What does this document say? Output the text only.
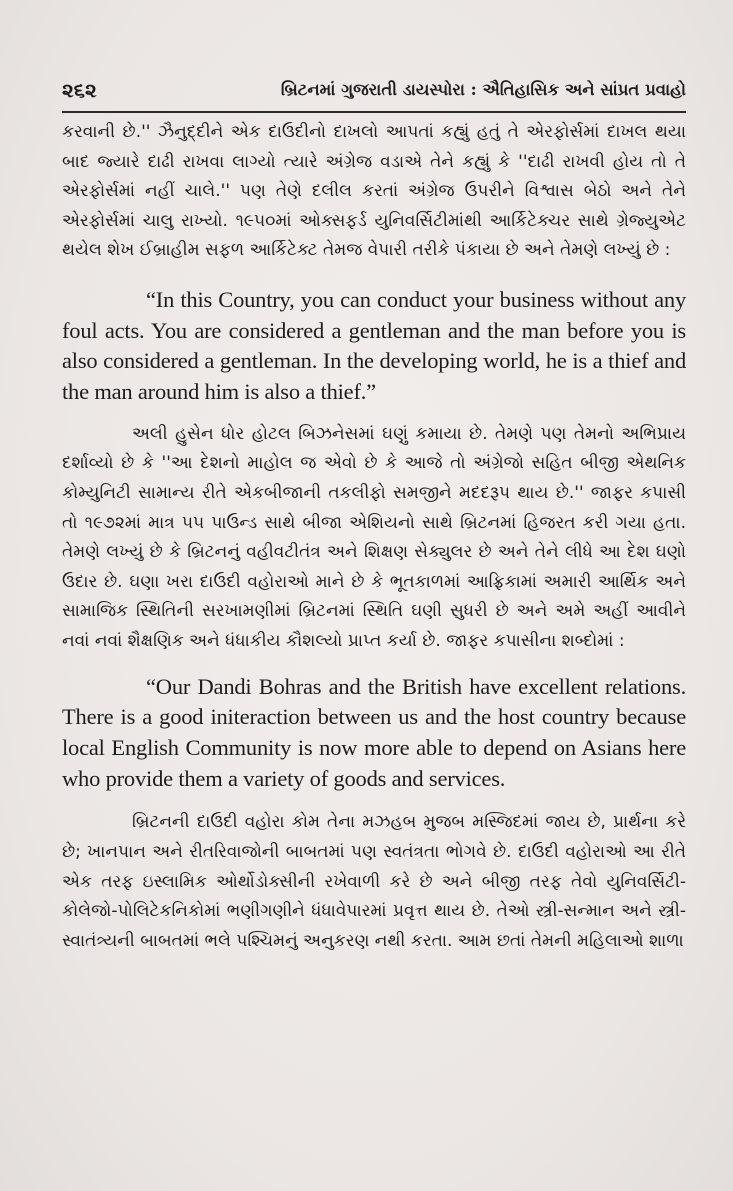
૨૬૨	બ્રિટનમાં ગુજરાતી ડાયસ્પોરા : ઐતિહાસિક અને સાંપ્રત પ્રવાહો

કરવાની છે.'' ઝૈનુદ્દીને એક દાઉદીનો દાખલો આપતાં કહ્યું હતું તે એરફોર્સમાં દાખલ થયા બાદ જ્યારે દાઢી રાખવા લાગ્યો ત્યારે અંગ્રેજ વડાએ તેને કહ્યું કે ''દાઢી રાખવી હોય તો તે એરફોર્સમાં નહીં ચાલે.'' પણ તેણે દલીલ કરતાં અંગ્રેજ ઉપરીને વિશ્વાસ બેઠો અને તેને એરફોર્સમાં ચાલુ રાખ્યો. ૧૯૫૦માં ઓક્સફર્ડ યુનિવર્સિટીમાંથી આર્કિટેક્ચર સાથે ગ્રેજ્યુએટ થયેલ શેખ ઈબ્રાહીમ સફળ આર્કિટેક્ટ તેમજ વેપારી તરીકે પંકાયા છે અને તેમણે લખ્યું છે :

“In this Country, you can conduct your business without any foul acts. You are considered a gentleman and the man before you is also considered a gentleman. In the developing world, he is a thief and the man around him is also a thief.”

અલી હુસેન ધોર હોટલ બિઝનેસમાં ઘણું કમાયા છે. તેમણે પણ તેમનો અભિપ્રાય દર્શાવ્યો છે કે ''આ દેશનો માહોલ જ એવો છે કે આજે તો અંગ્રેજો સહિત બીજી એથનિક કોમ્યુનિટી સામાન્ય રીતે એકબીજાની તકલીફો સમજીને મદદરૂપ થાય છે.'' જાફર કપાસી તો ૧૯૭૨માં માત્ર ૫૫ પાઉન્ડ સાથે બીજા એશિયનો સાથે બ્રિટનમાં હિજરત કરી ગયા હતા. તેમણે લખ્યું છે કે બ્રિટનનું વહીવટીતંત્ર અને શિક્ષણ સેક્યુલર છે અને તેને લીધે આ દેશ ઘણો ઉદાર છે. ઘણા ખરા દાઉદી વહોરાઓ માને છે કે ભૂતકાળમાં આફ્રિકામાં અમારી આર્થિક અને સામાજિક સ્થિતિની સરખામણીમાં બ્રિટનમાં સ્થિતિ ઘણી સુધરી છે અને અમે અહીં આવીને નવાં નવાં શૈક્ષણિક અને ધંધાકીય કૌશલ્યો પ્રાપ્ત કર્યા છે. જાફર કપાસીના શબ્દોમાં :

“Our Dandi Bohras and the British have excellent relations. There is a good initeraction between us and the host country because local English Community is now more able to depend on Asians here who provide them a variety of goods and services.

બ્રિટનની દાઉદી વહોરા કોમ તેના મઝહબ મુજબ મસ્જિદમાં જાય છે, પ્રાર્થના કરે છે; ખાનપાન અને રીતરિવાજોની બાબતમાં પણ સ્વતંત્રતા ભોગવે છે. દાઉદી વહોરાઓ આ રીતે એક તરફ ઇસ્લામિક ઓર્થોડોક્સીની રખેવાળી કરે છે અને બીજી તરફ તેવો યુનિવર્સિટી-કોલેજો-પોલિટેકનિકોમાં ભણીગણીને ધંધાવેપારમાં પ્રવૃત્ત થાય છે. તેઓ સ્ત્રી-સન્માન અને સ્ત્રી-સ્વાતંત્ર્યની બાબતમાં ભલે પશ્ચિમનું અનુકરણ નથી કરતા. આમ છતાં તેમની મહિલાઓ શાળા
